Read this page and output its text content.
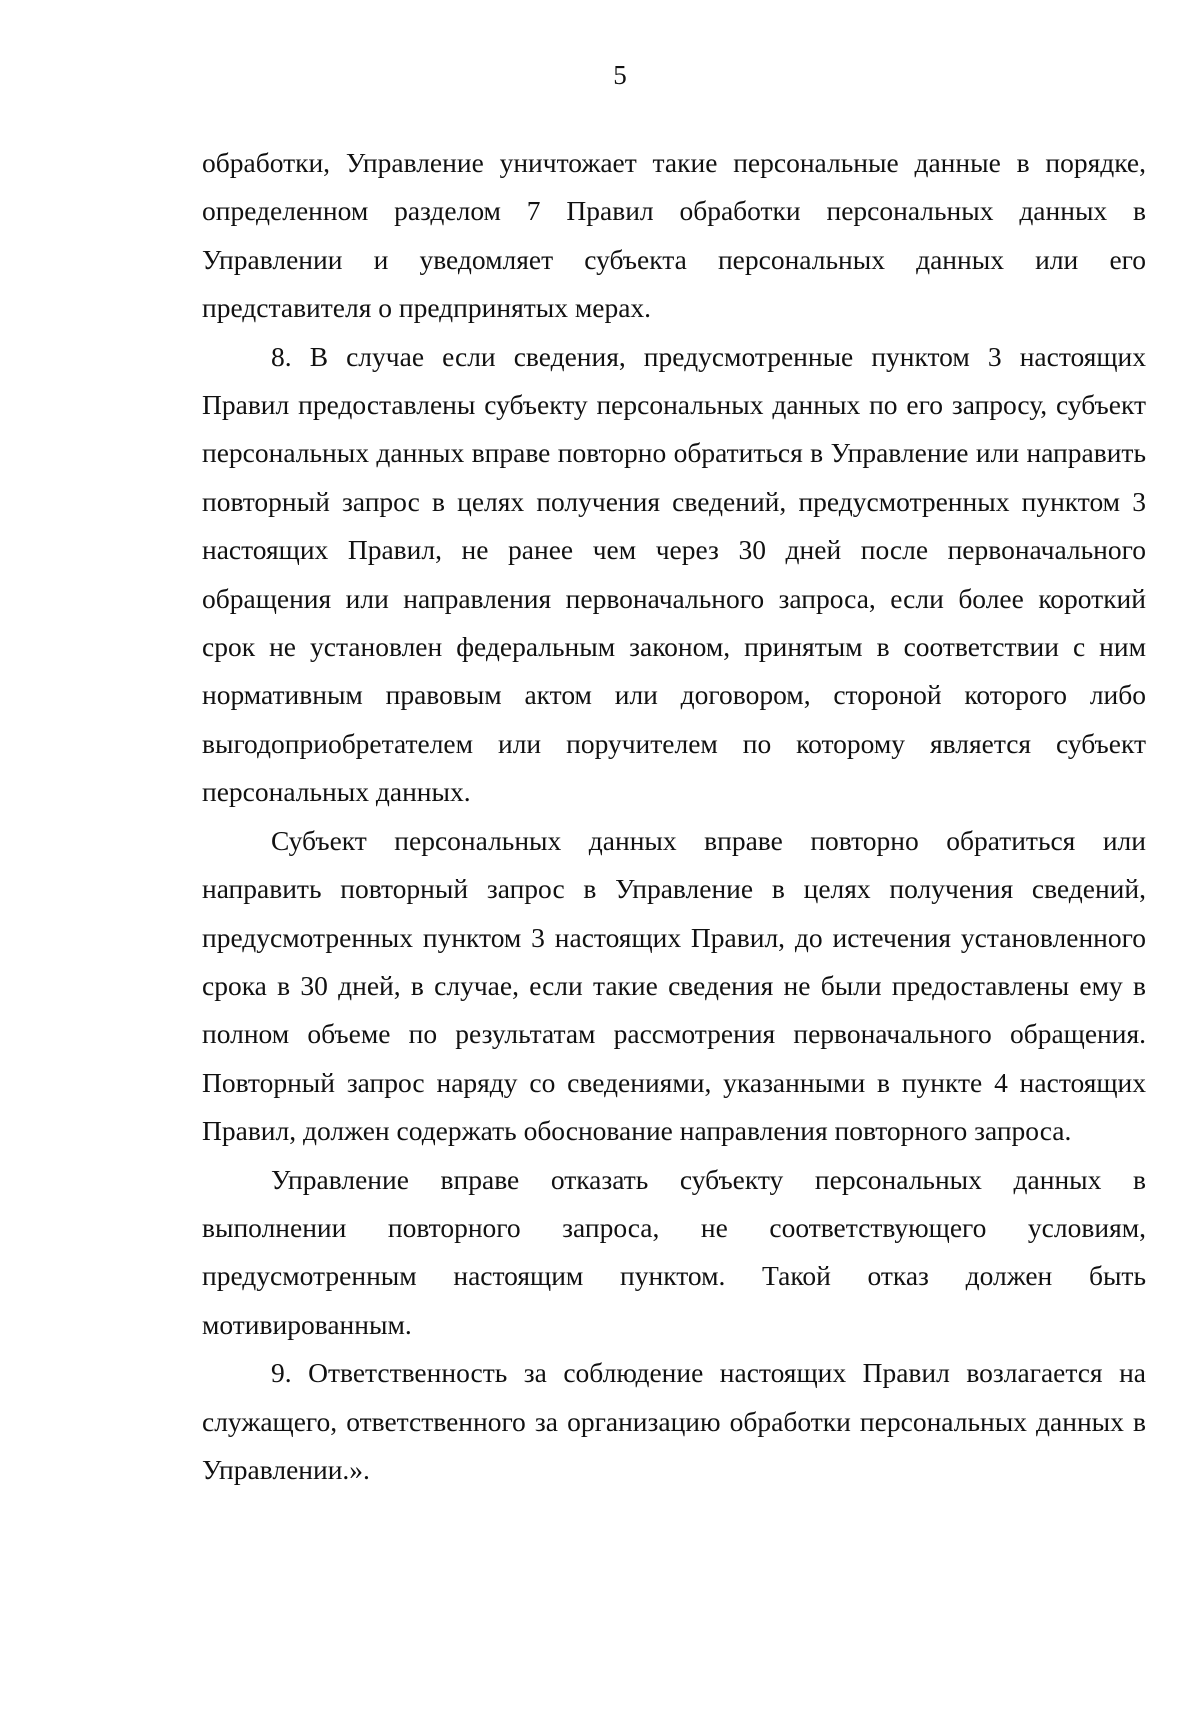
5

обработки, Управление уничтожает такие персональные данные в порядке, определенном разделом 7 Правил обработки персональных данных в Управлении и уведомляет субъекта персональных данных или его представителя о предпринятых мерах.

8. В случае если сведения, предусмотренные пунктом 3 настоящих Правил предоставлены субъекту персональных данных по его запросу, субъект персональных данных вправе повторно обратиться в Управление или направить повторный запрос в целях получения сведений, предусмотренных пунктом 3 настоящих Правил, не ранее чем через 30 дней после первоначального обращения или направления первоначального запроса, если более короткий срок не установлен федеральным законом, принятым в соответствии с ним нормативным правовым актом или договором, стороной которого либо выгодоприобретателем или поручителем по которому является субъект персональных данных.

Субъект персональных данных вправе повторно обратиться или направить повторный запрос в Управление в целях получения сведений, предусмотренных пунктом 3 настоящих Правил, до истечения установленного срока в 30 дней, в случае, если такие сведения не были предоставлены ему в полном объеме по результатам рассмотрения первоначального обращения. Повторный запрос наряду со сведениями, указанными в пункте 4 настоящих Правил, должен содержать обоснование направления повторного запроса.

Управление вправе отказать субъекту персональных данных в выполнении повторного запроса, не соответствующего условиям, предусмотренным настоящим пунктом. Такой отказ должен быть мотивированным.

9. Ответственность за соблюдение настоящих Правил возлагается на служащего, ответственного за организацию обработки персональных данных в Управлении.».
